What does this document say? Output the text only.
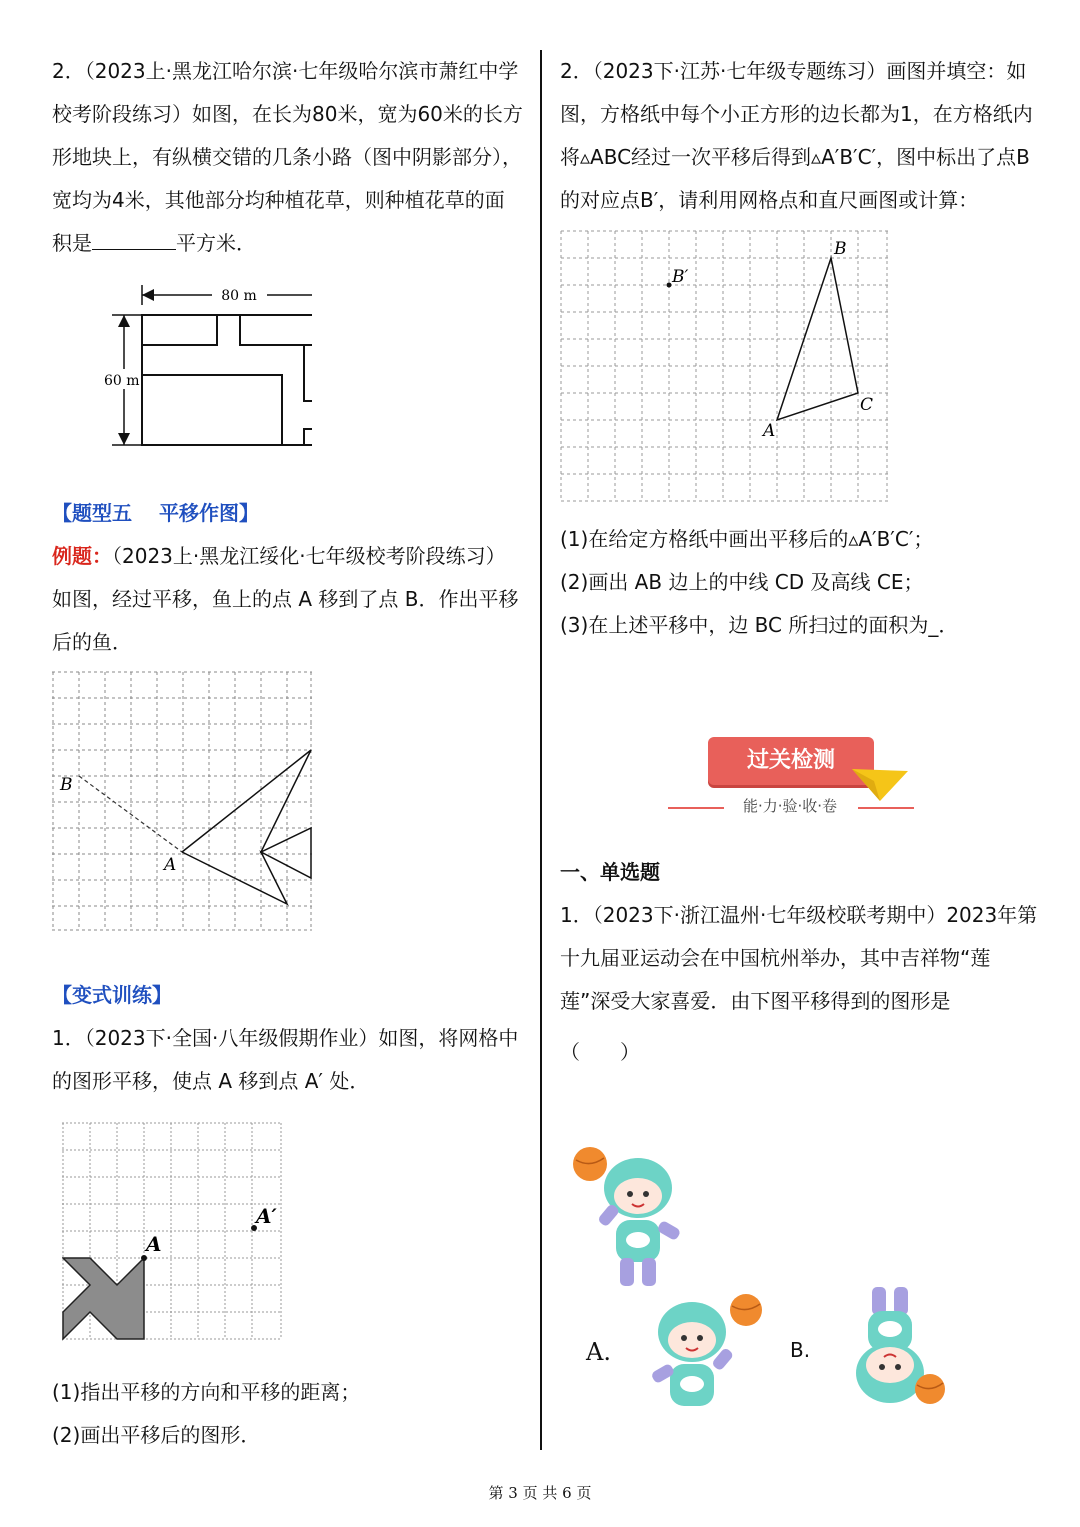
2．（2023上·黑龙江哈尔滨·七年级哈尔滨市萧红中学校考阶段练习）如图，在长为80米，宽为60米的长方形地块上，有纵横交错的几条小路（图中阴影部分），宽均为4米，其他部分均种植花草，则种植花草的面积是	平方米．

80 m
60 m

【题型五　 平移作图】

例题：（2023上·黑龙江绥化·七年级校考阶段练习）如图，经过平移，鱼上的点 A 移到了点 B．作出平移后的鱼．

B
A

【变式训练】

1．（2023下·全国·八年级假期作业）如图，将网格中的图形平移，使点 A 移到点 A′ 处．

A
A′

(1)指出平移的方向和平移的距离；

(2)画出平移后的图形．

2．（2023下·江苏·七年级专题练习）画图并填空：如图，方格纸中每个小正方形的边长都为1，在方格纸内将▵ABC经过一次平移后得到▵A′B′C′，图中标出了点B的对应点B′，请利用网格点和直尺画图或计算：

B′
B
C
A

(1)在给定方格纸中画出平移后的▵A′B′C′；

(2)画出 AB 边上的中线 CD 及高线 CE；

(3)在上述平移中，边 BC 所扫过的面积为_．

过关检测
能·力·验·收·卷

一、单选题

1．（2023下·浙江温州·七年级校联考期中）2023年第十九届亚运动会在中国杭州举办，其中吉祥物“莲莲”深受大家喜爱．由下图平移得到的图形是

（　　）

A.	B.
第 3 页 共 6 页
